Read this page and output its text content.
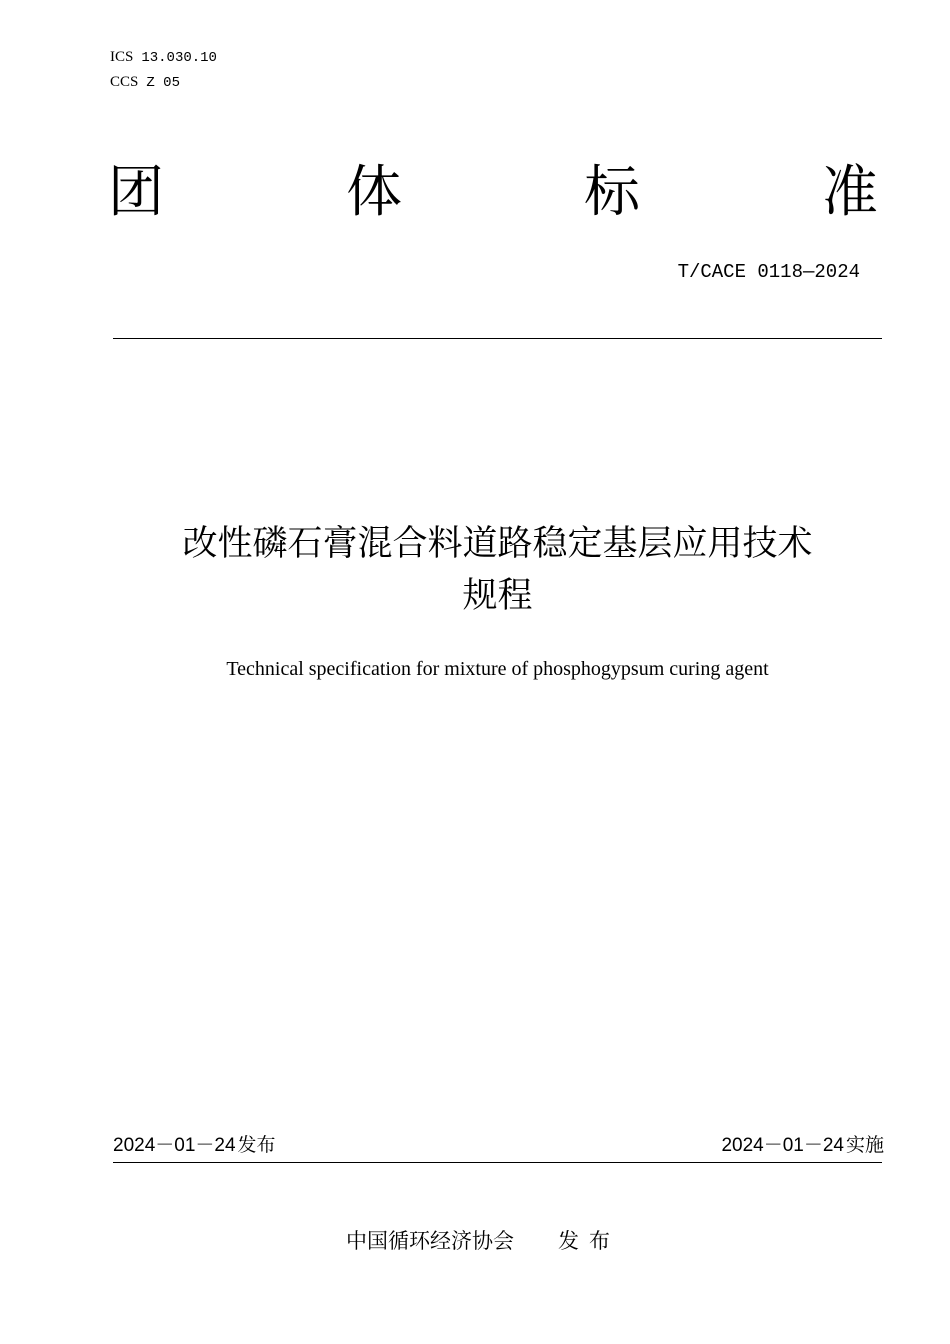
ICS 13.030.10
CCS Z 05
团	体	标	准
T/CACE 0118—2024
改性磷石膏混合料道路稳定基层应用技术
规程
Technical specification for mixture of phosphogypsum curing agent
2024－01－24 发布	2024－01－24 实施
中国循环经济协会 发布
